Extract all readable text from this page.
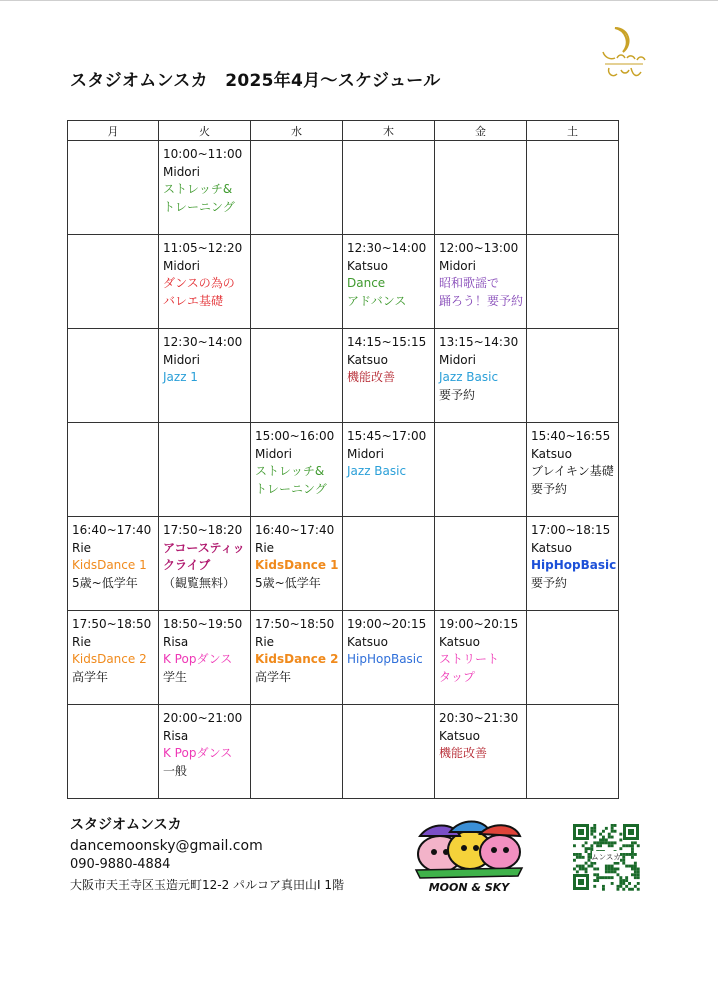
スタジオムンスカ　2025年4月〜スケジュール
月	火	水	木	金	土

	10:00~11:00
Midori
ストレッチ&
トレーニング				

	11:05~12:20
Midori
ダンスの為の
バレエ基礎		12:30~14:00
Katsuo
Dance
アドバンス	12:00~13:00
Midori
昭和歌謡で
踊ろう！要予約	

	12:30~14:00
Midori
Jazz 1		14:15~15:15
Katsuo
機能改善	13:15~14:30
Midori
Jazz Basic
要予約	

		15:00~16:00
Midori
ストレッチ&
トレーニング	15:45~17:00
Midori
Jazz Basic		15:40~16:55
Katsuo
ブレイキン基礎
要予約

16:40~17:40
Rie
KidsDance 1
5歳~低学年	17:50~18:20
アコースティッ
クライブ
（観覧無料）	16:40~17:40
Rie
KidsDance 1
5歳~低学年			17:00~18:15
Katsuo
HipHopBasic
要予約

17:50~18:50
Rie
KidsDance 2
高学年	18:50~19:50
Risa
K Popダンス
学生	17:50~18:50
Rie
KidsDance 2
高学年	19:00~20:15
Katsuo
HipHopBasic	19:00~20:15
Katsuo
ストリート
タップ	

	20:00~21:00
Risa
K Popダンス
一般			20:30~21:30
Katsuo
機能改善	

スタジオムンスカ
dancemoonsky@gmail.com
090-9880-4884
大阪市天王寺区玉造元町12-2 パルコア真田山Ⅰ 1階	MOON & SKY
ムンスカ
